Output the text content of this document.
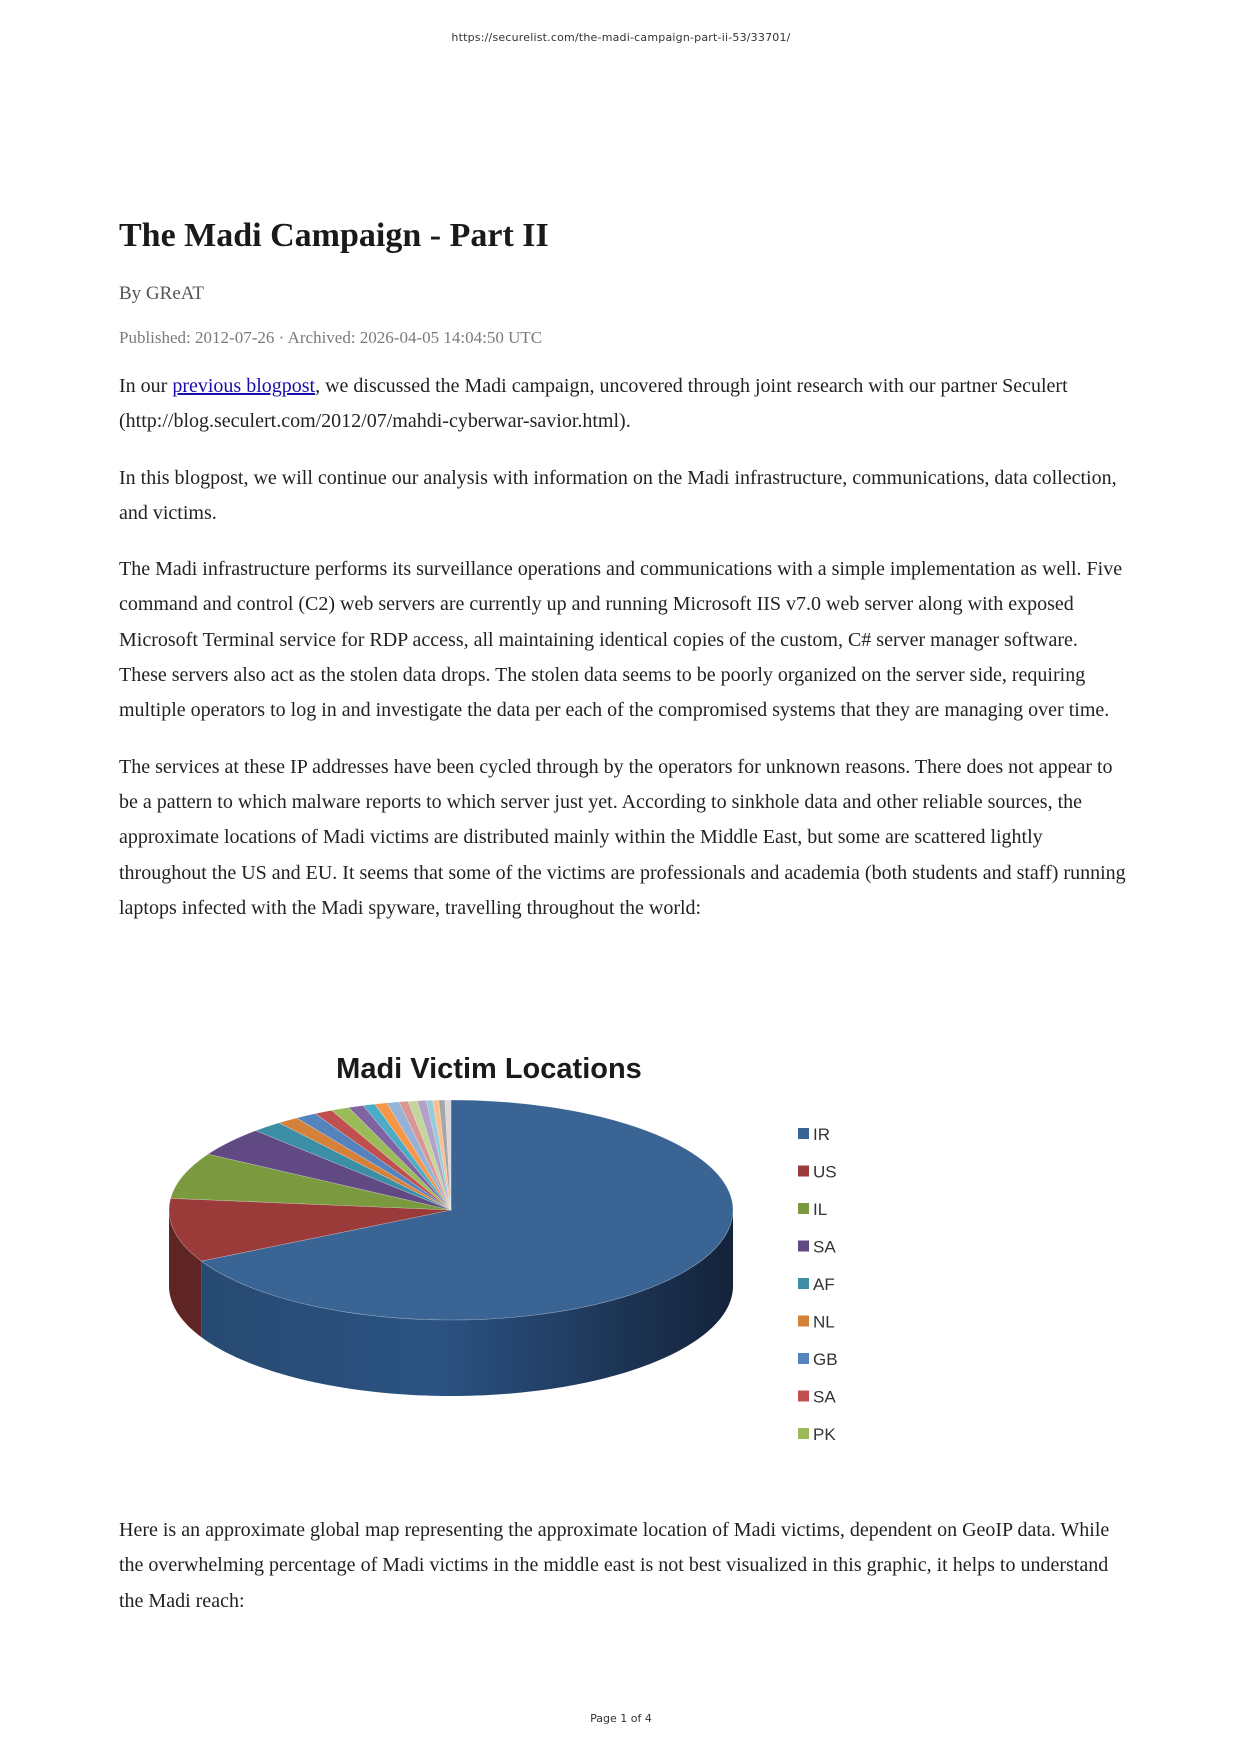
https://securelist.com/the-madi-campaign-part-ii-53/33701/
The Madi Campaign - Part II
By GReAT
Published: 2012-07-26 · Archived: 2026-04-05 14:04:50 UTC

In our previous blogpost, we discussed the Madi campaign, uncovered through joint research with our partner Seculert (http://blog.seculert.com/2012/07/mahdi-cyberwar-savior.html).

In this blogpost, we will continue our analysis with information on the Madi infrastructure, communications, data collection, and victims.

The Madi infrastructure performs its surveillance operations and communications with a simple implementation as well. Five command and control (C2) web servers are currently up and running Microsoft IIS v7.0 web server along with exposed Microsoft Terminal service for RDP access, all maintaining identical copies of the custom, C# server manager software. These servers also act as the stolen data drops. The stolen data seems to be poorly organized on the server side, requiring multiple operators to log in and investigate the data per each of the compromised systems that they are managing over time.

The services at these IP addresses have been cycled through by the operators for unknown reasons. There does not appear to be a pattern to which malware reports to which server just yet. According to sinkhole data and other reliable sources, the approximate locations of Madi victims are distributed mainly within the Middle East, but some are scattered lightly throughout the US and EU. It seems that some of the victims are professionals and academia (both students and staff) running laptops infected with the Madi spyware, travelling throughout the world:

Madi Victim Locations
IR
US
IL
SA
AF
NL
GB
SA
PK

Here is an approximate global map representing the approximate location of Madi victims, dependent on GeoIP data. While the overwhelming percentage of Madi victims in the middle east is not best visualized in this graphic, it helps to understand the Madi reach:

Page 1 of 4
